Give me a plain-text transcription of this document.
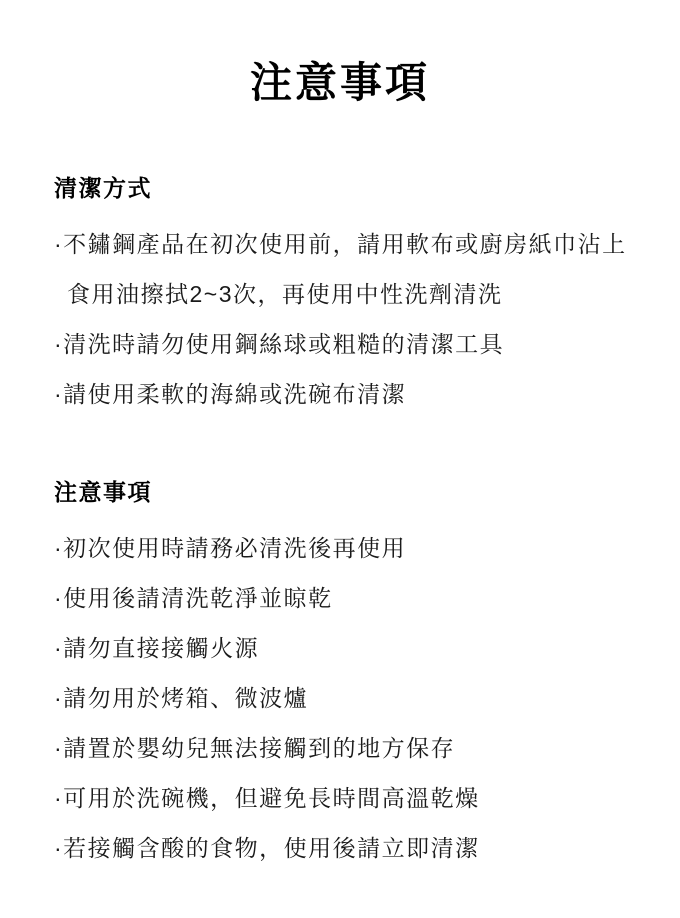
注意事項
清潔方式
·不鏽鋼產品在初次使用前，請用軟布或廚房紙巾沾上
食用油擦拭2~3次，再使用中性洗劑清洗
·清洗時請勿使用鋼絲球或粗糙的清潔工具
·請使用柔軟的海綿或洗碗布清潔
注意事項
·初次使用時請務必清洗後再使用
·使用後請清洗乾淨並晾乾
·請勿直接接觸火源
·請勿用於烤箱、微波爐
·請置於嬰幼兒無法接觸到的地方保存
·可用於洗碗機，但避免長時間高溫乾燥
·若接觸含酸的食物，使用後請立即清潔
